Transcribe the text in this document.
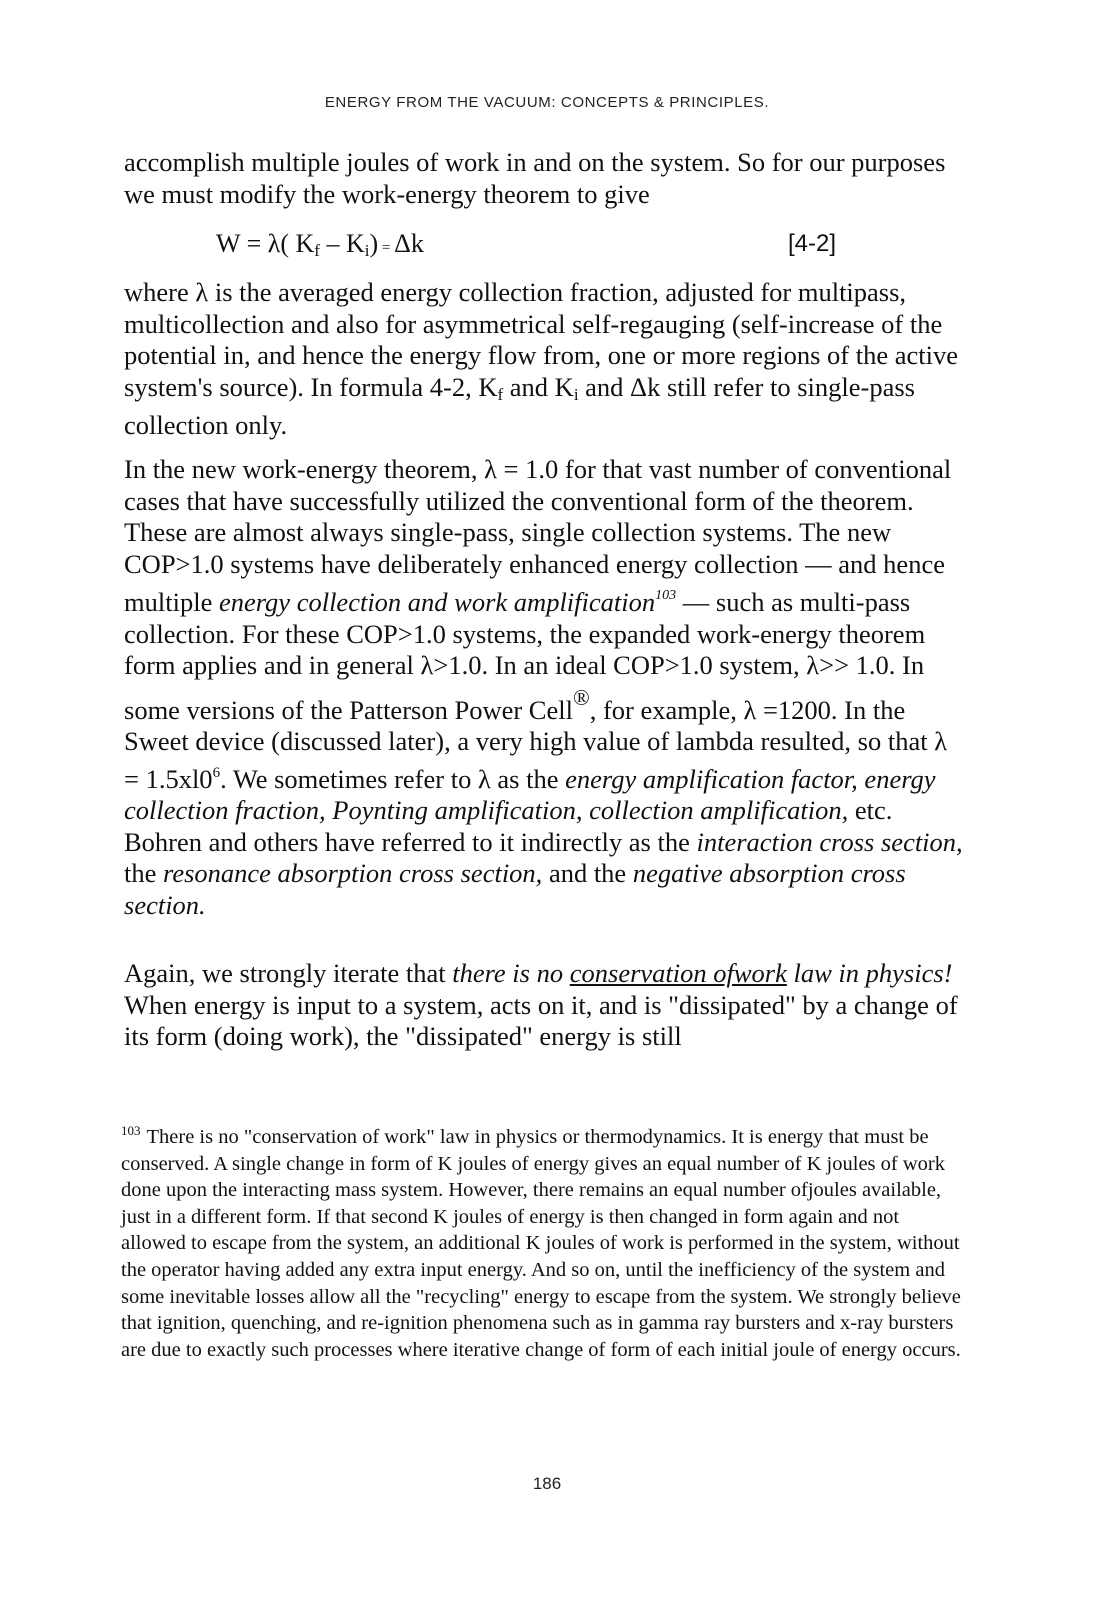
ENERGY FROM THE VACUUM: CONCEPTS & PRINCIPLES.
accomplish multiple joules of work in and on the system. So for our purposes we must modify the work-energy theorem to give
W = λ( $K_f - K_i) = \Delta k$	[4-2]
where λ is the averaged energy collection fraction, adjusted for multipass, multicollection and also for asymmetrical self-regauging (self-increase of the potential in, and hence the energy flow from, one or more regions of the active system's source). In formula 4-2, $K_f$ and $K_i$ and Δk still refer to single-pass collection only.
In the new work-energy theorem, λ = 1.0 for that vast number of conventional cases that have successfully utilized the conventional form of the theorem. These are almost always single-pass, single collection systems. The new COP>1.0 systems have deliberately enhanced energy collection — and hence multiple energy collection and work amplification$^{103}$ — such as multi-pass collection. For these COP>1.0 systems, the expanded work-energy theorem form applies and in general λ>1.0. In an ideal COP>1.0 system, λ>> 1.0. In some versions of the Patterson Power Cell®, for example, λ =1200. In the Sweet device (discussed later), a very high value of lambda resulted, so that $\lambda = 1.5xl0^6$. We sometimes refer to λ as the energy amplification factor, energy collection fraction, Poynting amplification, collection amplification, etc. Bohren and others have referred to it indirectly as the interaction cross section, the resonance absorption cross section, and the negative absorption cross section.
Again, we strongly iterate that there is no conservation ofwork law in physics! When energy is input to a system, acts on it, and is "dissipated" by a change of its form (doing work), the "dissipated" energy is still
$^{103}$ There is no "conservation of work" law in physics or thermodynamics. It is energy that must be conserved. A single change in form of K joules of energy gives an equal number of K joules of work done upon the interacting mass system. However, there remains an equal number ofjoules available, just in a different form. If that second K joules of energy is then changed in form again and not allowed to escape from the system, an additional K joules of work is performed in the system, without the operator having added any extra input energy. And so on, until the inefficiency of the system and some inevitable losses allow all the "recycling" energy to escape from the system. We strongly believe that ignition, quenching, and re-ignition phenomena such as in gamma ray bursters and x-ray bursters are due to exactly such processes where iterative change of form of each initial joule of energy occurs.
186
